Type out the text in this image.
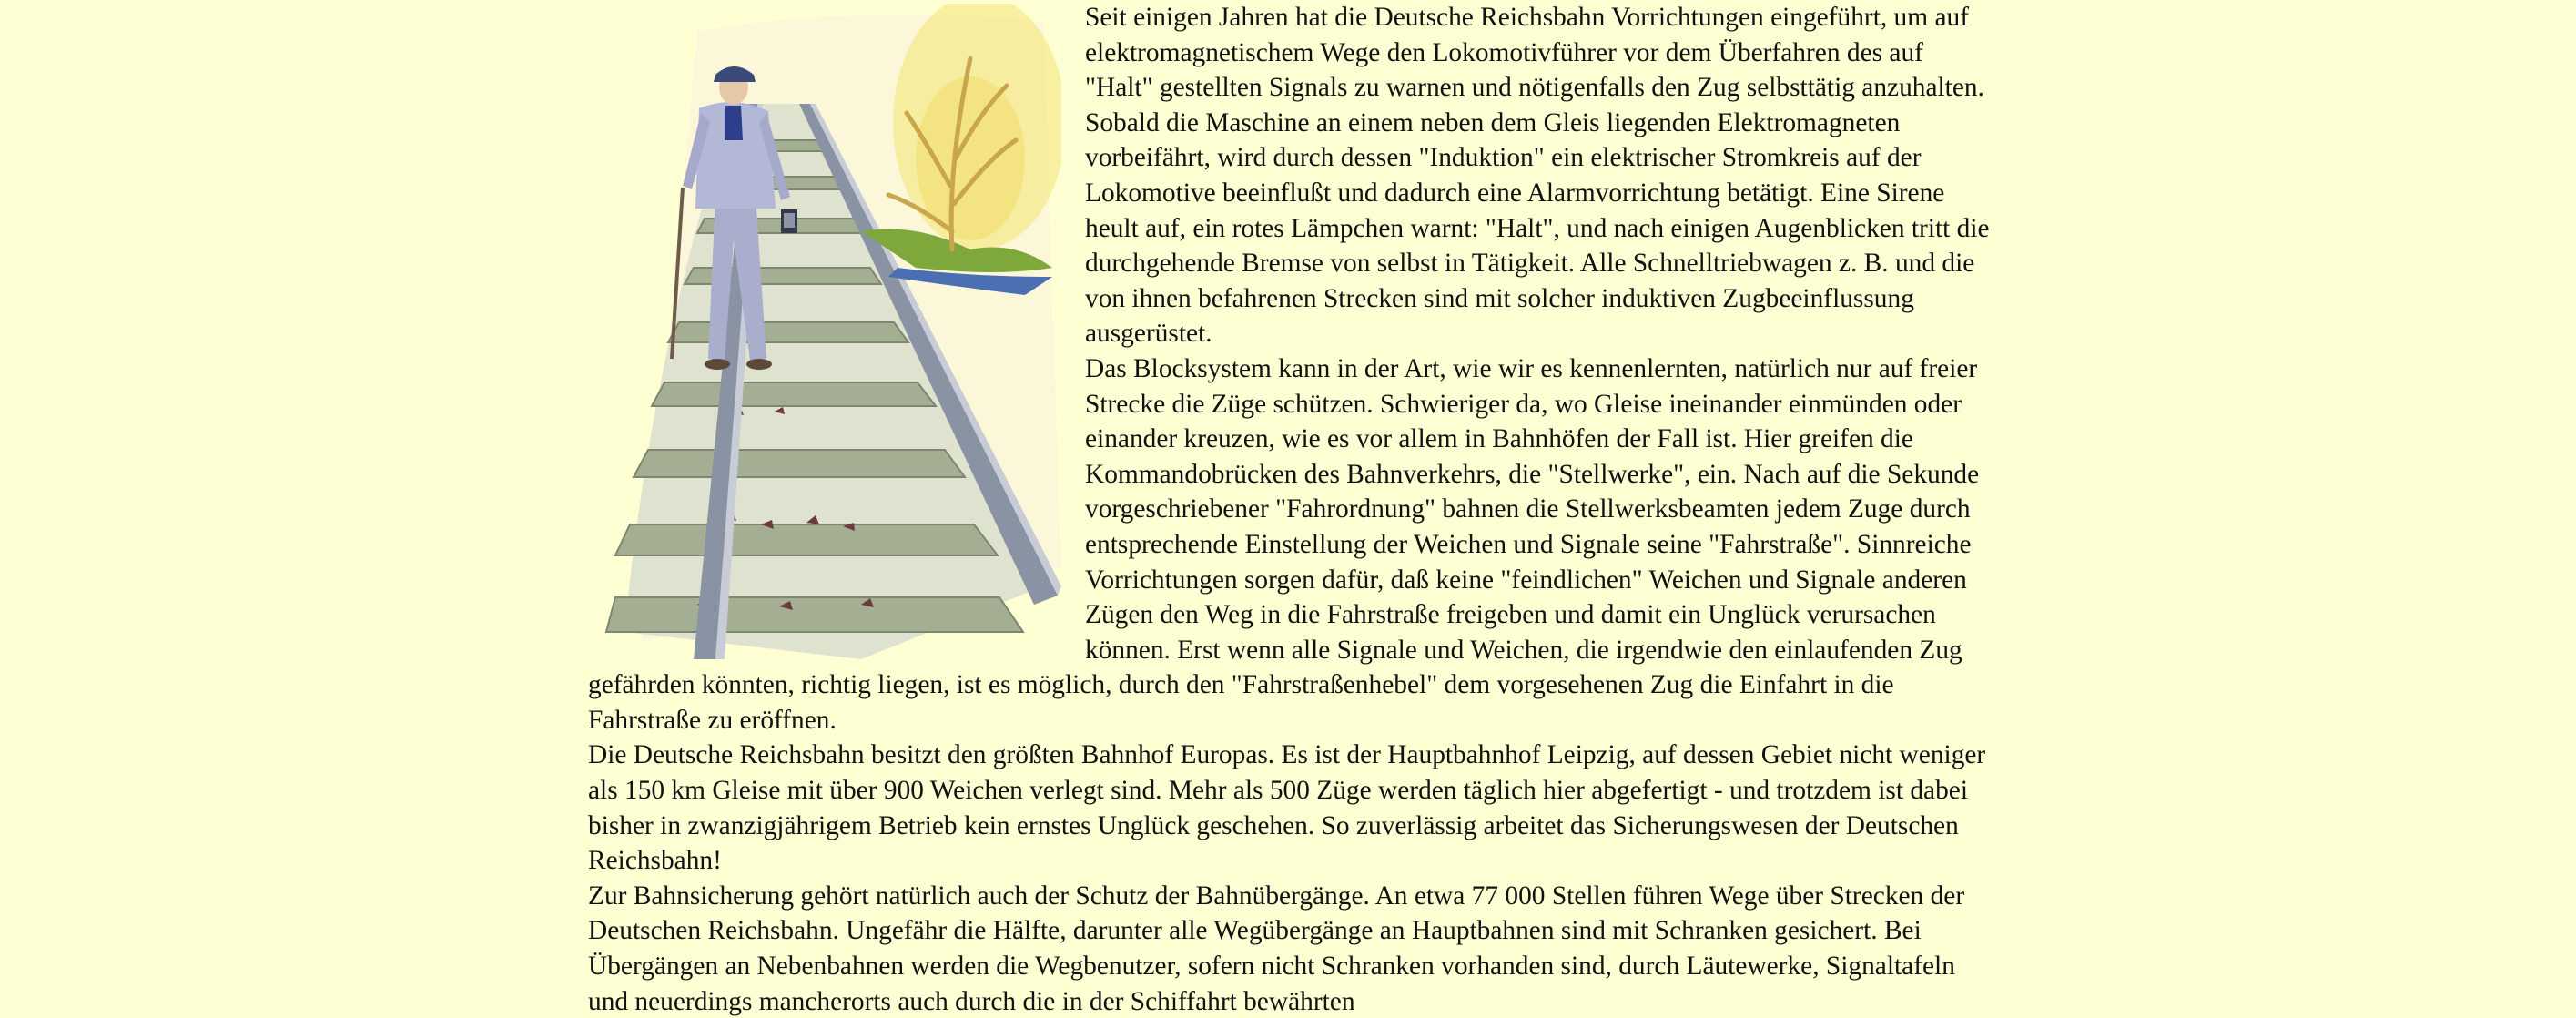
Seit einigen Jahren hat die Deutsche Reichsbahn Vorrichtungen eingeführt, um auf elektromagnetischem Wege den Lokomotivführer vor dem Überfahren des auf "Halt" gestellten Signals zu warnen und nötigenfalls den Zug selbsttätig anzuhalten. Sobald die Maschine an einem neben dem Gleis liegenden Elektromagneten vorbeifährt, wird durch dessen "Induktion" ein elektrischer Stromkreis auf der Lokomotive beeinflußt und dadurch eine Alarmvorrichtung betätigt. Eine Sirene heult auf, ein rotes Lämpchen warnt: "Halt", und nach einigen Augenblicken tritt die durchgehende Bremse von selbst in Tätigkeit. Alle Schnelltriebwagen z. B. und die von ihnen befahrenen Strecken sind mit solcher induktiven Zugbeeinflussung ausgerüstet.

Das Blocksystem kann in der Art, wie wir es kennenlernten, natürlich nur auf freier Strecke die Züge schützen. Schwieriger da, wo Gleise ineinander einmünden oder einander kreuzen, wie es vor allem in Bahnhöfen der Fall ist. Hier greifen die Kommandobrücken des Bahnverkehrs, die "Stellwerke", ein. Nach auf die Sekunde vorgeschriebener "Fahrordnung" bahnen die Stellwerksbeamten jedem Zuge durch entsprechende Einstellung der Weichen und Signale seine "Fahrstraße". Sinnreiche Vorrichtungen sorgen dafür, daß keine "feindlichen" Weichen und Signale anderen Zügen den Weg in die Fahrstraße freigeben und damit ein Unglück verursachen können. Erst wenn alle Signale und Weichen, die irgendwie den einlaufenden Zug gefährden könnten, richtig liegen, ist es möglich, durch den "Fahrstraßenhebel" dem vorgesehenen Zug die Einfahrt in die Fahrstraße zu eröffnen.

Die Deutsche Reichsbahn besitzt den größten Bahnhof Europas. Es ist der Hauptbahnhof Leipzig, auf dessen Gebiet nicht weniger als 150 km Gleise mit über 900 Weichen verlegt sind. Mehr als 500 Züge werden täglich hier abgefertigt - und trotzdem ist dabei bisher in zwanzigjährigem Betrieb kein ernstes Unglück geschehen. So zuverlässig arbeitet das Sicherungswesen der Deutschen Reichsbahn!

Zur Bahnsicherung gehört natürlich auch der Schutz der Bahnübergänge. An etwa 77 000 Stellen führen Wege über Strecken der Deutschen Reichsbahn. Ungefähr die Hälfte, darunter alle Wegübergänge an Hauptbahnen sind mit Schranken gesichert. Bei Übergängen an Nebenbahnen werden die Wegbenutzer, sofern nicht Schranken vorhanden sind, durch Läutewerke, Signaltafeln und neuerdings mancherorts auch durch die in der Schiffahrt bewährten
